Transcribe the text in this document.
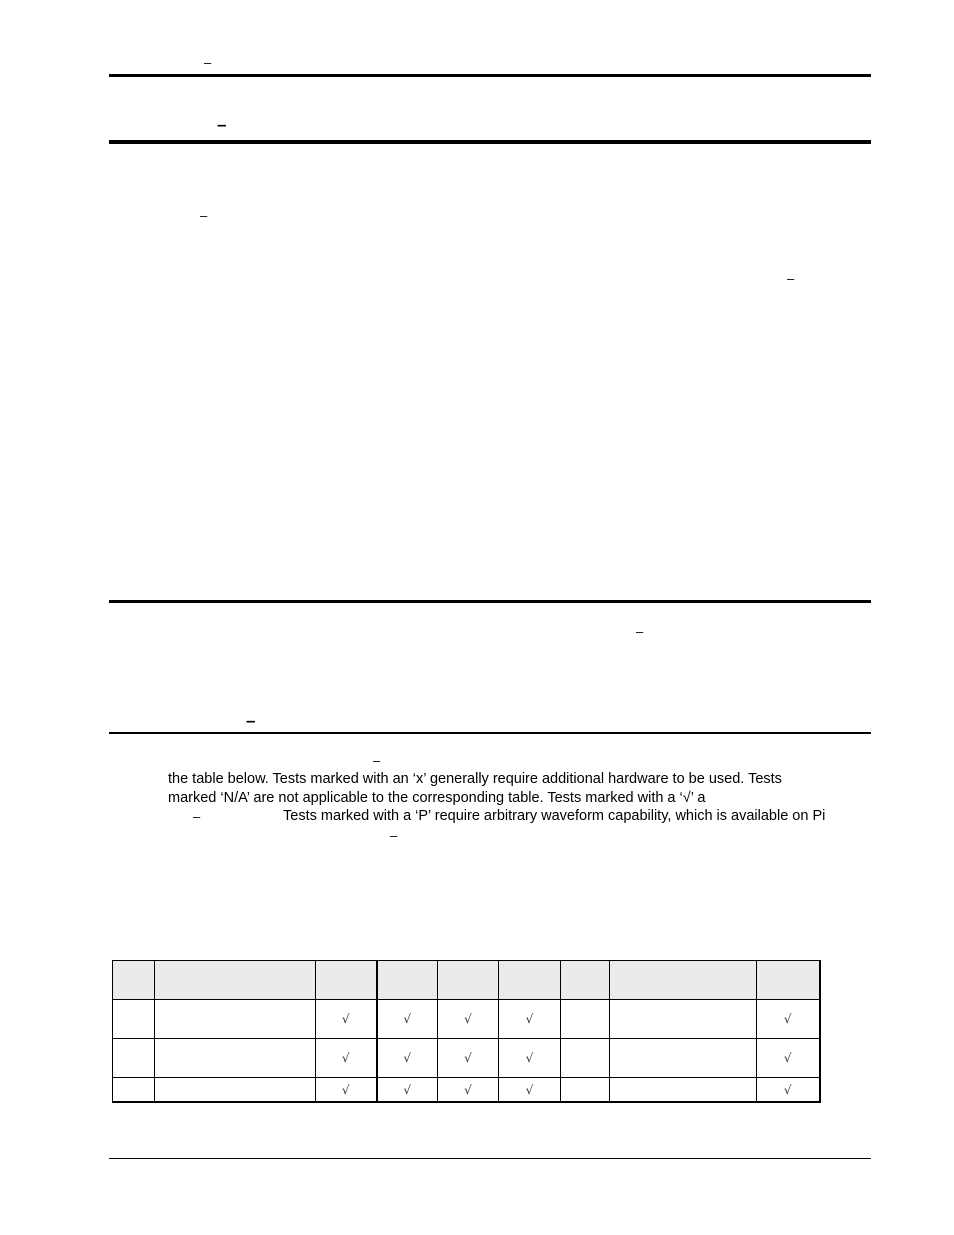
–
–
–
–
–
–
–
the table below. Tests marked with an ‘x’ generally require additional hardware to be used. Tests
marked ‘N/A’ are not applicable to the corresponding table. Tests marked with a ‘√’ a
–	Tests marked with a ‘P’ require arbitrary waveform capability, which is available on Pi
–

		√	√	√	√			√
		√	√	√	√			√
		√	√	√	√			√
